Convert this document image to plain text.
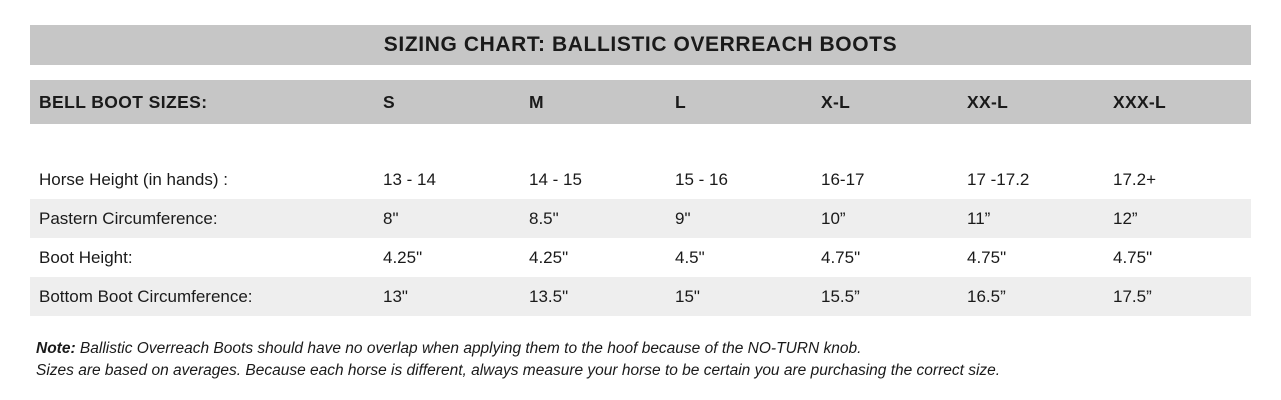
SIZING CHART: BALLISTIC OVERREACH BOOTS
BELL BOOT SIZES:	S	M	L	X-L	XX-L	XXX-L
Horse Height (in hands) :	13 - 14	14 - 15	15 - 16	16-17	17 -17.2	17.2+
Pastern Circumference:	8"	8.5"	9"	10”	11”	12”
Boot Height:	4.25"	4.25"	4.5"	4.75"	4.75"	4.75"
Bottom Boot Circumference:	13"	13.5"	15"	15.5”	16.5”	17.5”
Note: Ballistic Overreach Boots should have no overlap when applying them to the hoof because of the NO-TURN knob.
Sizes are based on averages. Because each horse is different, always measure your horse to be certain you are purchasing the correct size.
